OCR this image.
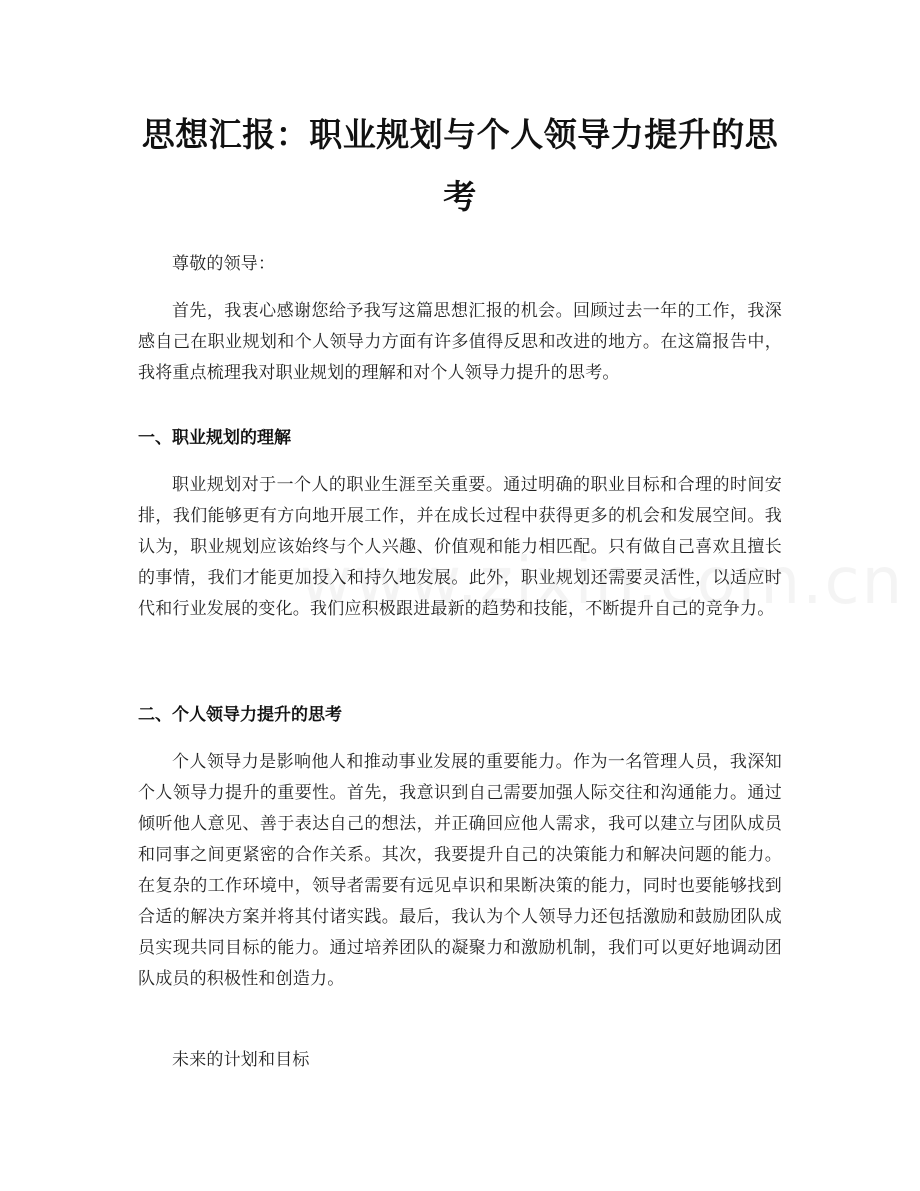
思想汇报：职业规划与个人领导力提升的思考

尊敬的领导：

首先，我衷心感谢您给予我写这篇思想汇报的机会。回顾过去一年的工作，我深感自己在职业规划和个人领导力方面有许多值得反思和改进的地方。在这篇报告中，我将重点梳理我对职业规划的理解和对个人领导力提升的思考。

一、职业规划的理解

职业规划对于一个人的职业生涯至关重要。通过明确的职业目标和合理的时间安排，我们能够更有方向地开展工作，并在成长过程中获得更多的机会和发展空间。我认为，职业规划应该始终与个人兴趣、价值观和能力相匹配。只有做自己喜欢且擅长的事情，我们才能更加投入和持久地发展。此外，职业规划还需要灵活性，以适应时代和行业发展的变化。我们应积极跟进最新的趋势和技能，不断提升自己的竞争力。

二、个人领导力提升的思考

个人领导力是影响他人和推动事业发展的重要能力。作为一名管理人员，我深知个人领导力提升的重要性。首先，我意识到自己需要加强人际交往和沟通能力。通过倾听他人意见、善于表达自己的想法，并正确回应他人需求，我可以建立与团队成员和同事之间更紧密的合作关系。其次，我要提升自己的决策能力和解决问题的能力。在复杂的工作环境中，领导者需要有远见卓识和果断决策的能力，同时也要能够找到合适的解决方案并将其付诸实践。最后，我认为个人领导力还包括激励和鼓励团队成员实现共同目标的能力。通过培养团队的凝聚力和激励机制，我们可以更好地调动团队成员的积极性和创造力。

未来的计划和目标
